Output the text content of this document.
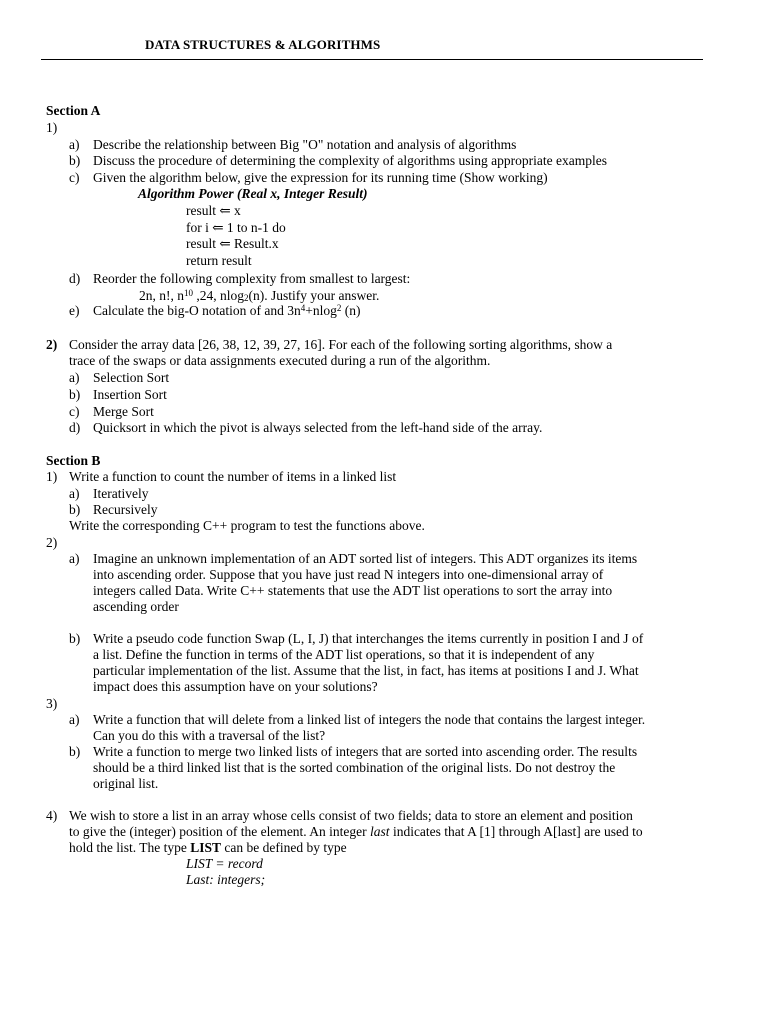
DATA STRUCTURES & ALGORITHMS
Section A
1)
a) Describe the relationship between Big "O" notation and analysis of algorithms
b) Discuss the procedure of determining the complexity of algorithms using appropriate examples
c) Given the algorithm below, give the expression for its running time (Show working)
Algorithm Power (Real x, Integer Result)
result ⇐ x
for i ⇐ 1 to n-1 do
result ⇐ Result.x
return result
d) Reorder the following complexity from smallest to largest:
2n, n!, $n^{10}$ ,24, nlog$_2$(n). Justify your answer.
e) Calculate the big-O notation of and $3n^4+nlog^2$ (n)
2) Consider the array data [26, 38, 12, 39, 27, 16]. For each of the following sorting algorithms, show a
trace of the swaps or data assignments executed during a run of the algorithm.
a) Selection Sort
b) Insertion Sort
c) Merge Sort
d) Quicksort in which the pivot is always selected from the left-hand side of the array.
Section B
1) Write a function to count the number of items in a linked list
a) Iteratively
b) Recursively
Write the corresponding C++ program to test the functions above.
2)
a) Imagine an unknown implementation of an ADT sorted list of integers. This ADT organizes its items
into ascending order. Suppose that you have just read N integers into one-dimensional array of
integers called Data. Write C++ statements that use the ADT list operations to sort the array into
ascending order
b) Write a pseudo code function Swap (L, I, J) that interchanges the items currently in position I and J of
a list. Define the function in terms of the ADT list operations, so that it is independent of any
particular implementation of the list. Assume that the list, in fact, has items at positions I and J. What
impact does this assumption have on your solutions?
3)
a) Write a function that will delete from a linked list of integers the node that contains the largest integer.
Can you do this with a traversal of the list?
b) Write a function to merge two linked lists of integers that are sorted into ascending order. The results
should be a third linked list that is the sorted combination of the original lists. Do not destroy the
original list.
4) We wish to store a list in an array whose cells consist of two fields; data to store an element and position
to give the (integer) position of the element. An integer last indicates that A [1] through A[last] are used to
hold the list. The type LIST can be defined by type
LIST = record
Last: integers;
